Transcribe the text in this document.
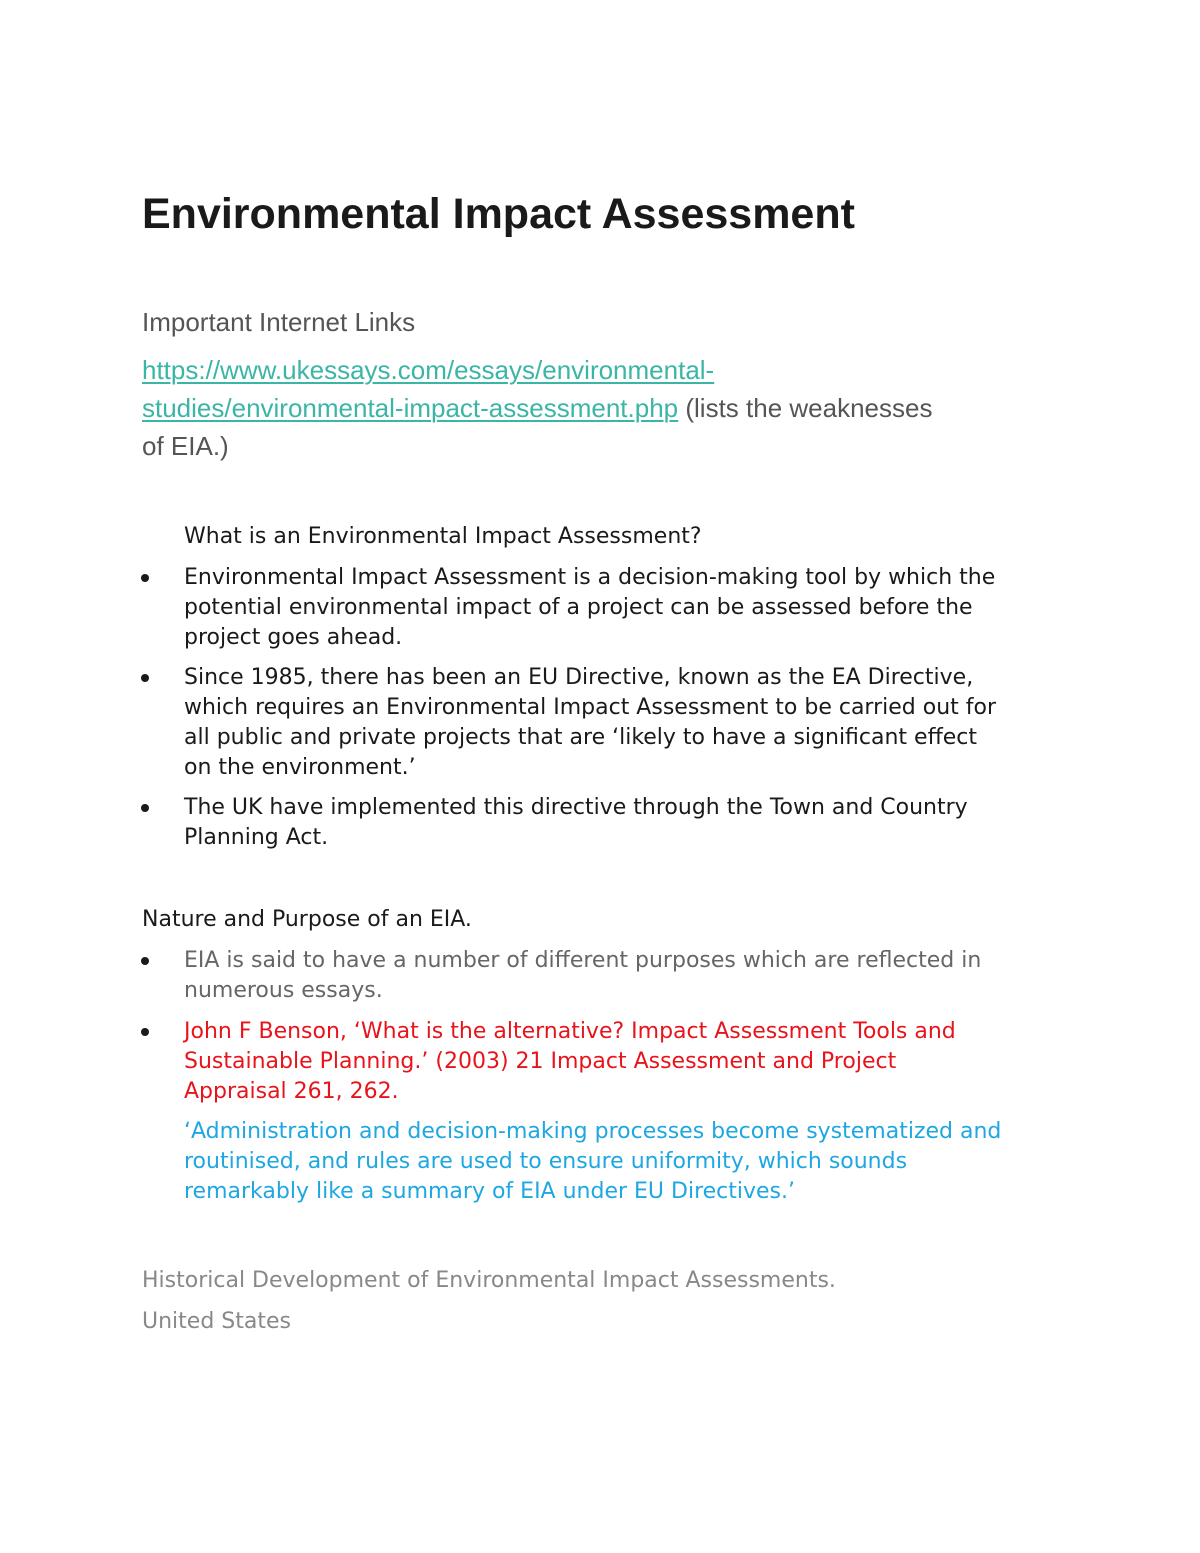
Environmental Impact Assessment

Important Internet Links

https://www.ukessays.com/essays/environmental-
studies/environmental-impact-assessment.php (lists the weaknesses
of EIA.)

What is an Environmental Impact Assessment?

Environmental Impact Assessment is a decision-making tool by which the
potential environmental impact of a project can be assessed before the
project goes ahead.
Since 1985, there has been an EU Directive, known as the EA Directive,
which requires an Environmental Impact Assessment to be carried out for
all public and private projects that are ‘likely to have a significant effect
on the environment.’
The UK have implemented this directive through the Town and Country
Planning Act.

Nature and Purpose of an EIA.

EIA is said to have a number of different purposes which are reflected in
numerous essays.
John F Benson, ‘What is the alternative? Impact Assessment Tools and
Sustainable Planning.’ (2003) 21 Impact Assessment and Project
Appraisal 261, 262.
‘Administration and decision-making processes become systematized and
routinised, and rules are used to ensure uniformity, which sounds
remarkably like a summary of EIA under EU Directives.’

Historical Development of Environmental Impact Assessments.

United States
